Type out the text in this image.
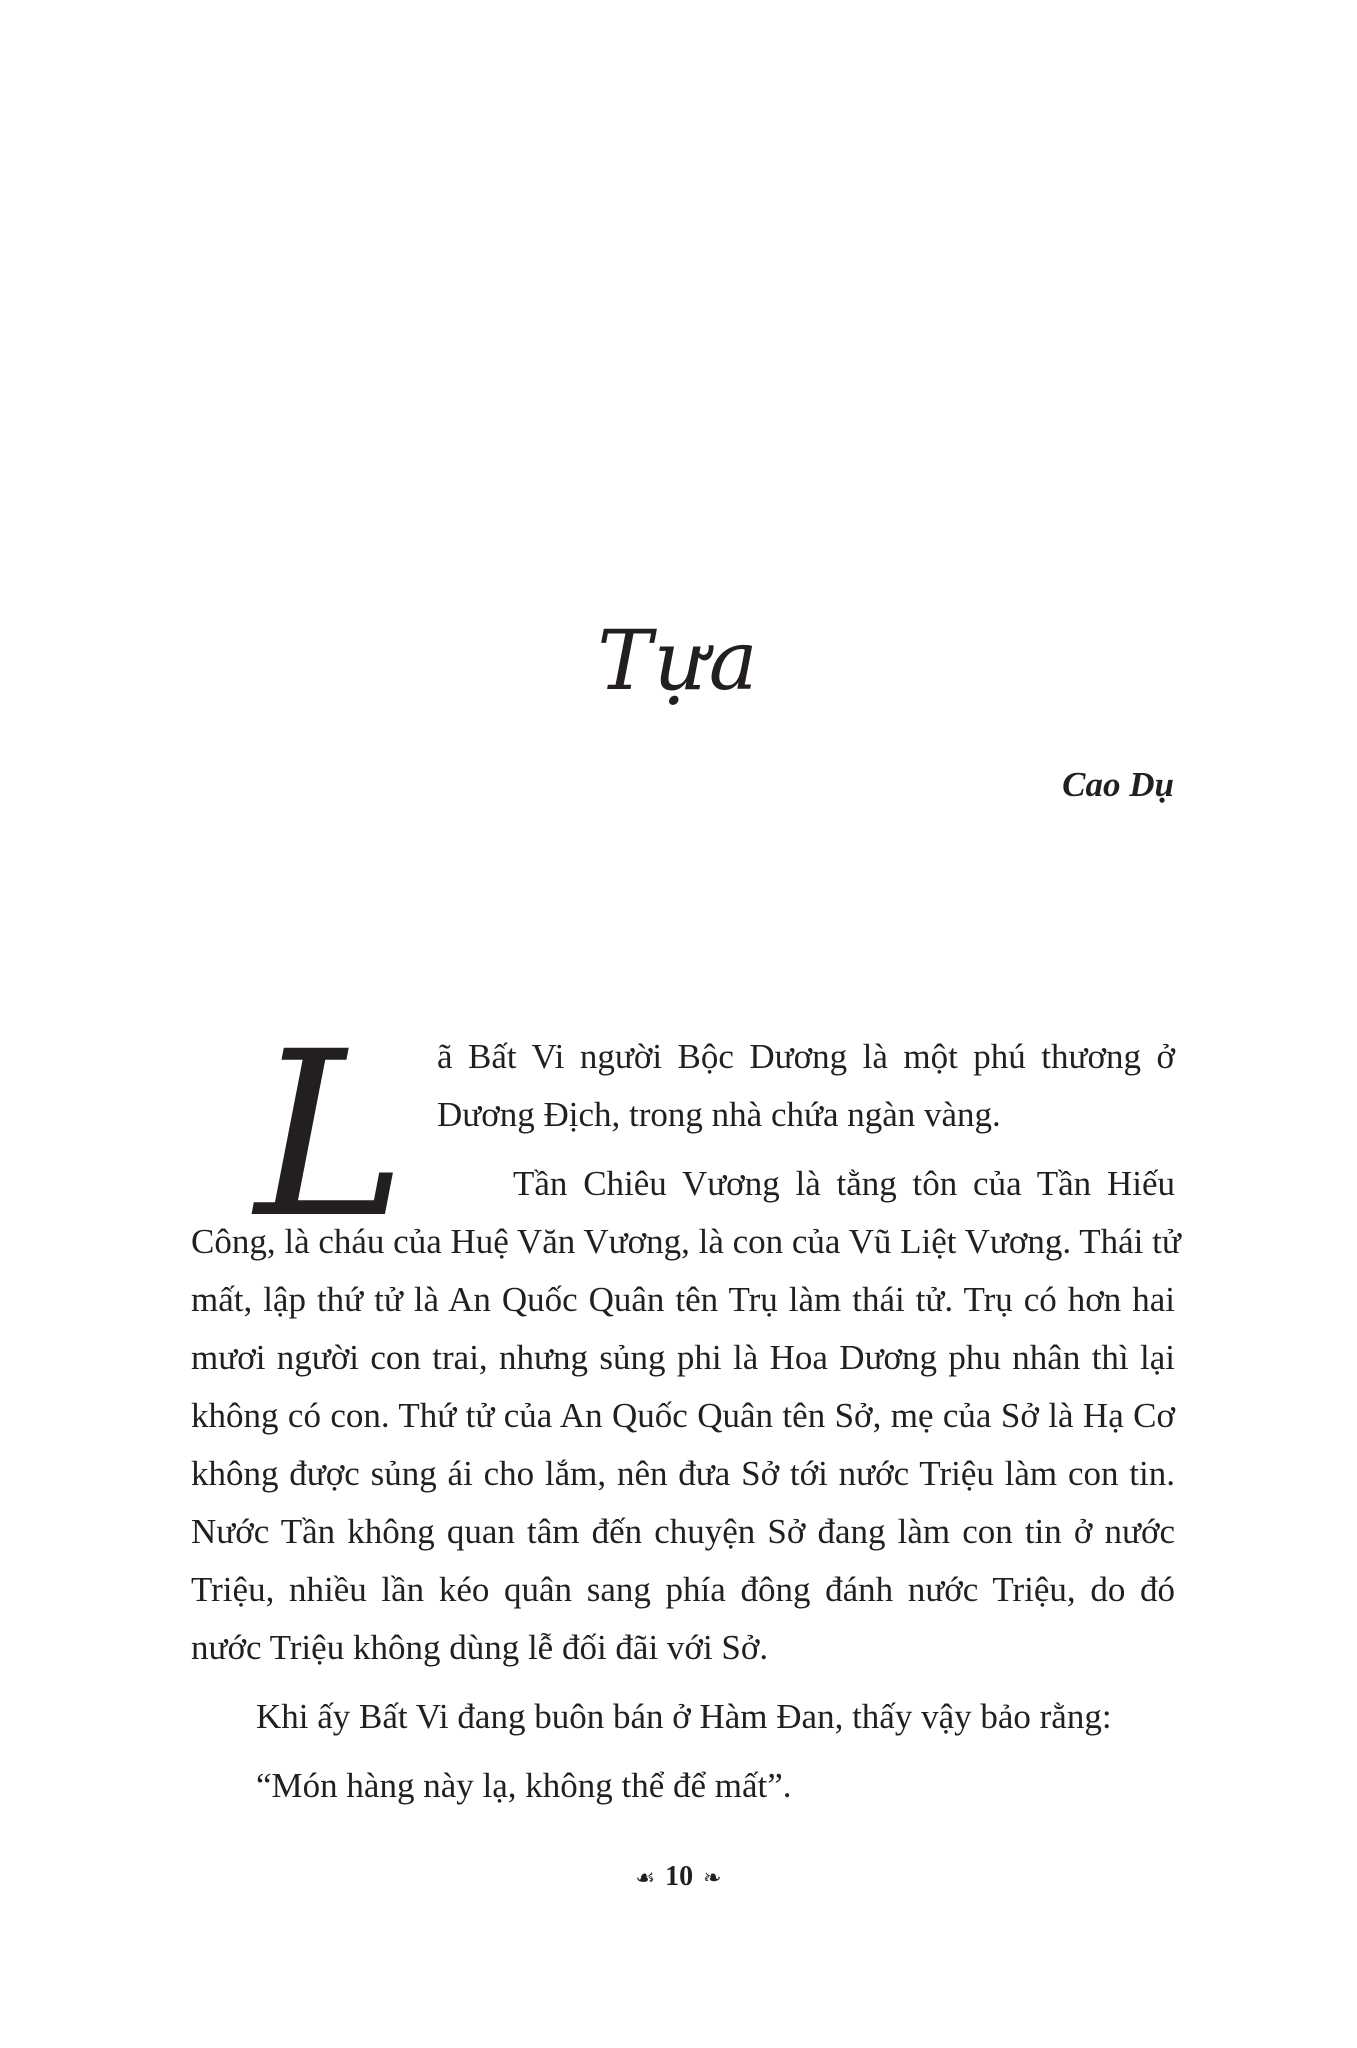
Tựa
Cao Dụ
L ã Bất Vi người Bộc Dương là một phú thương ở
Dương Địch, trong nhà chứa ngàn vàng.
Tần Chiêu Vương là tằng tôn của Tần Hiếu
Công, là cháu của Huệ Văn Vương, là con của Vũ Liệt Vương. Thái tử
mất, lập thứ tử là An Quốc Quân tên Trụ làm thái tử. Trụ có hơn hai
mươi người con trai, nhưng sủng phi là Hoa Dương phu nhân thì lại
không có con. Thứ tử của An Quốc Quân tên Sở, mẹ của Sở là Hạ Cơ
không được sủng ái cho lắm, nên đưa Sở tới nước Triệu làm con tin.
Nước Tần không quan tâm đến chuyện Sở đang làm con tin ở nước
Triệu, nhiều lần kéo quân sang phía đông đánh nước Triệu, do đó
nước Triệu không dùng lễ đối đãi với Sở.
Khi ấy Bất Vi đang buôn bán ở Hàm Đan, thấy vậy bảo rằng:
“Món hàng này lạ, không thể để mất”.
☙ 10 ❧
